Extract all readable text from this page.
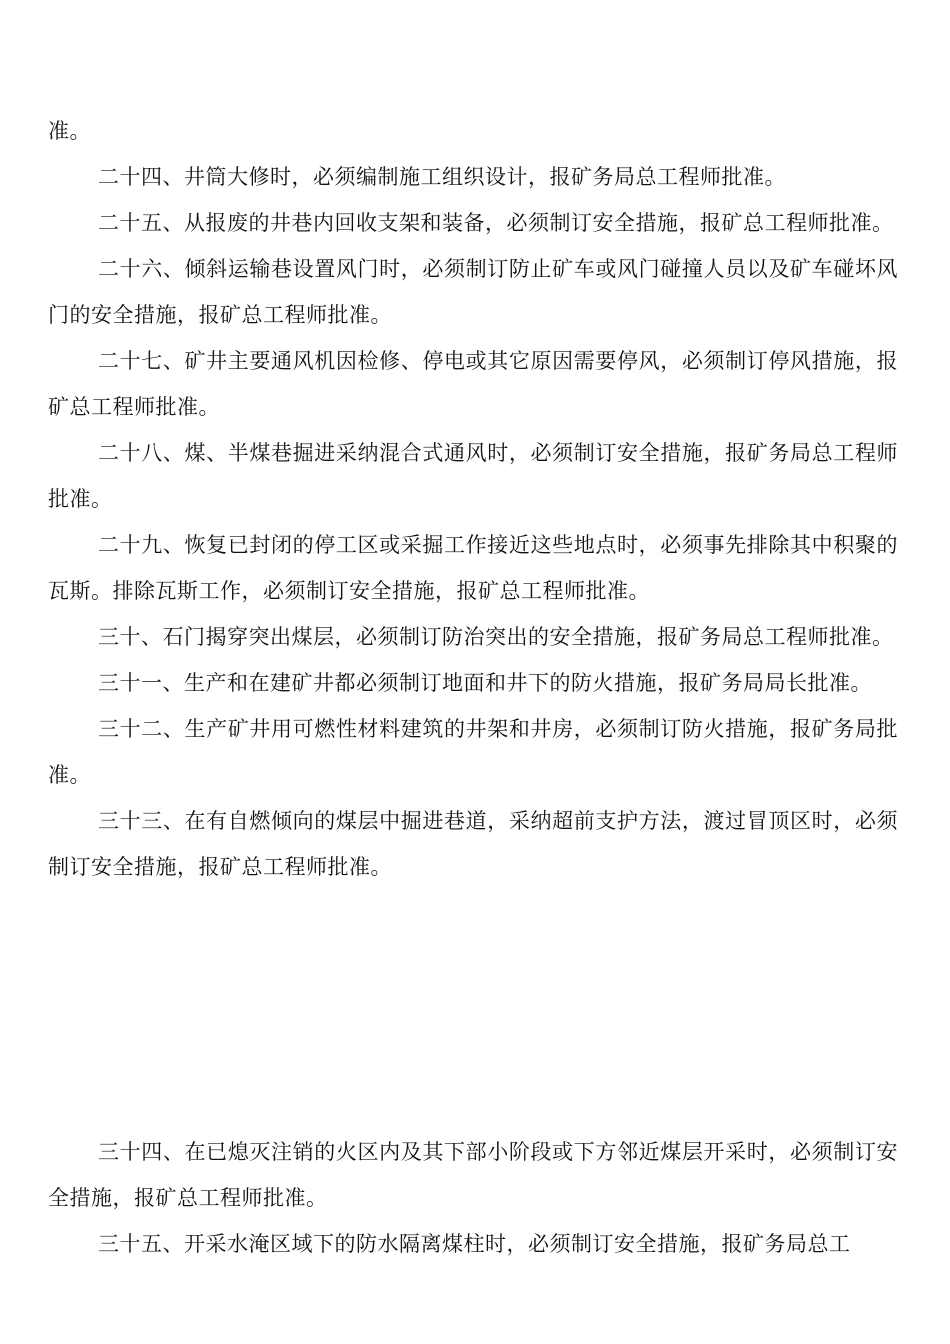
准。

二十四、井筒大修时，必须编制施工组织设计，报矿务局总工程师批准。

二十五、从报废的井巷内回收支架和装备，必须制订安全措施，报矿总工程师批准。

二十六、倾斜运输巷设置风门时，必须制订防止矿车或风门碰撞人员以及矿车碰坏风门的安全措施，报矿总工程师批准。

二十七、矿井主要通风机因检修、停电或其它原因需要停风，必须制订停风措施，报矿总工程师批准。

二十八、煤、半煤巷掘进采纳混合式通风时，必须制订安全措施，报矿务局总工程师批准。

二十九、恢复已封闭的停工区或采掘工作接近这些地点时，必须事先排除其中积聚的瓦斯。排除瓦斯工作，必须制订安全措施，报矿总工程师批准。

三十、石门揭穿突出煤层，必须制订防治突出的安全措施，报矿务局总工程师批准。

三十一、生产和在建矿井都必须制订地面和井下的防火措施，报矿务局局长批准。

三十二、生产矿井用可燃性材料建筑的井架和井房，必须制订防火措施，报矿务局批准。

三十三、在有自燃倾向的煤层中掘进巷道，采纳超前支护方法，渡过冒顶区时，必须制订安全措施，报矿总工程师批准。

三十四、在已熄灭注销的火区内及其下部小阶段或下方邻近煤层开采时，必须制订安全措施，报矿总工程师批准。

三十五、开采水淹区域下的防水隔离煤柱时，必须制订安全措施，报矿务局总工
